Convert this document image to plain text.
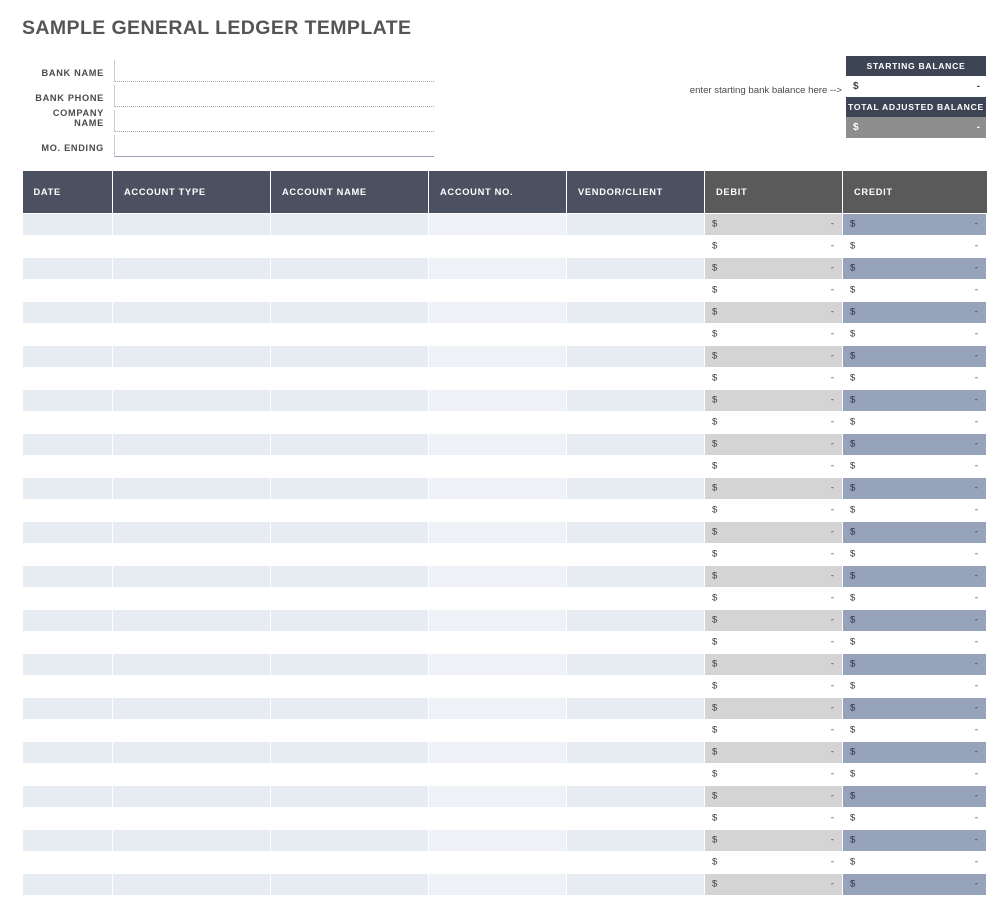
SAMPLE GENERAL LEDGER TEMPLATE
BANK NAME
BANK PHONE
COMPANY NAME
MO. ENDING
enter starting bank balance here -->
STARTING BALANCE
$	-
TOTAL ADJUSTED BALANCE
$	-
DATE	ACCOUNT TYPE	ACCOUNT NAME	ACCOUNT NO.	VENDOR/CLIENT	DEBIT	CREDIT

					$ -	$ -

					$ -	$ -

					$ -	$ -

					$ -	$ -

					$ -	$ -

					$ -	$ -

					$ -	$ -

					$ -	$ -

					$ -	$ -

					$ -	$ -

					$ -	$ -

					$ -	$ -

					$ -	$ -

					$ -	$ -

					$ -	$ -

					$ -	$ -

					$ -	$ -

					$ -	$ -

					$ -	$ -

					$ -	$ -

					$ -	$ -

					$ -	$ -

					$ -	$ -

					$ -	$ -

					$ -	$ -

					$ -	$ -

					$ -	$ -

					$ -	$ -

					$ -	$ -

					$ -	$ -

					$ -	$ -
